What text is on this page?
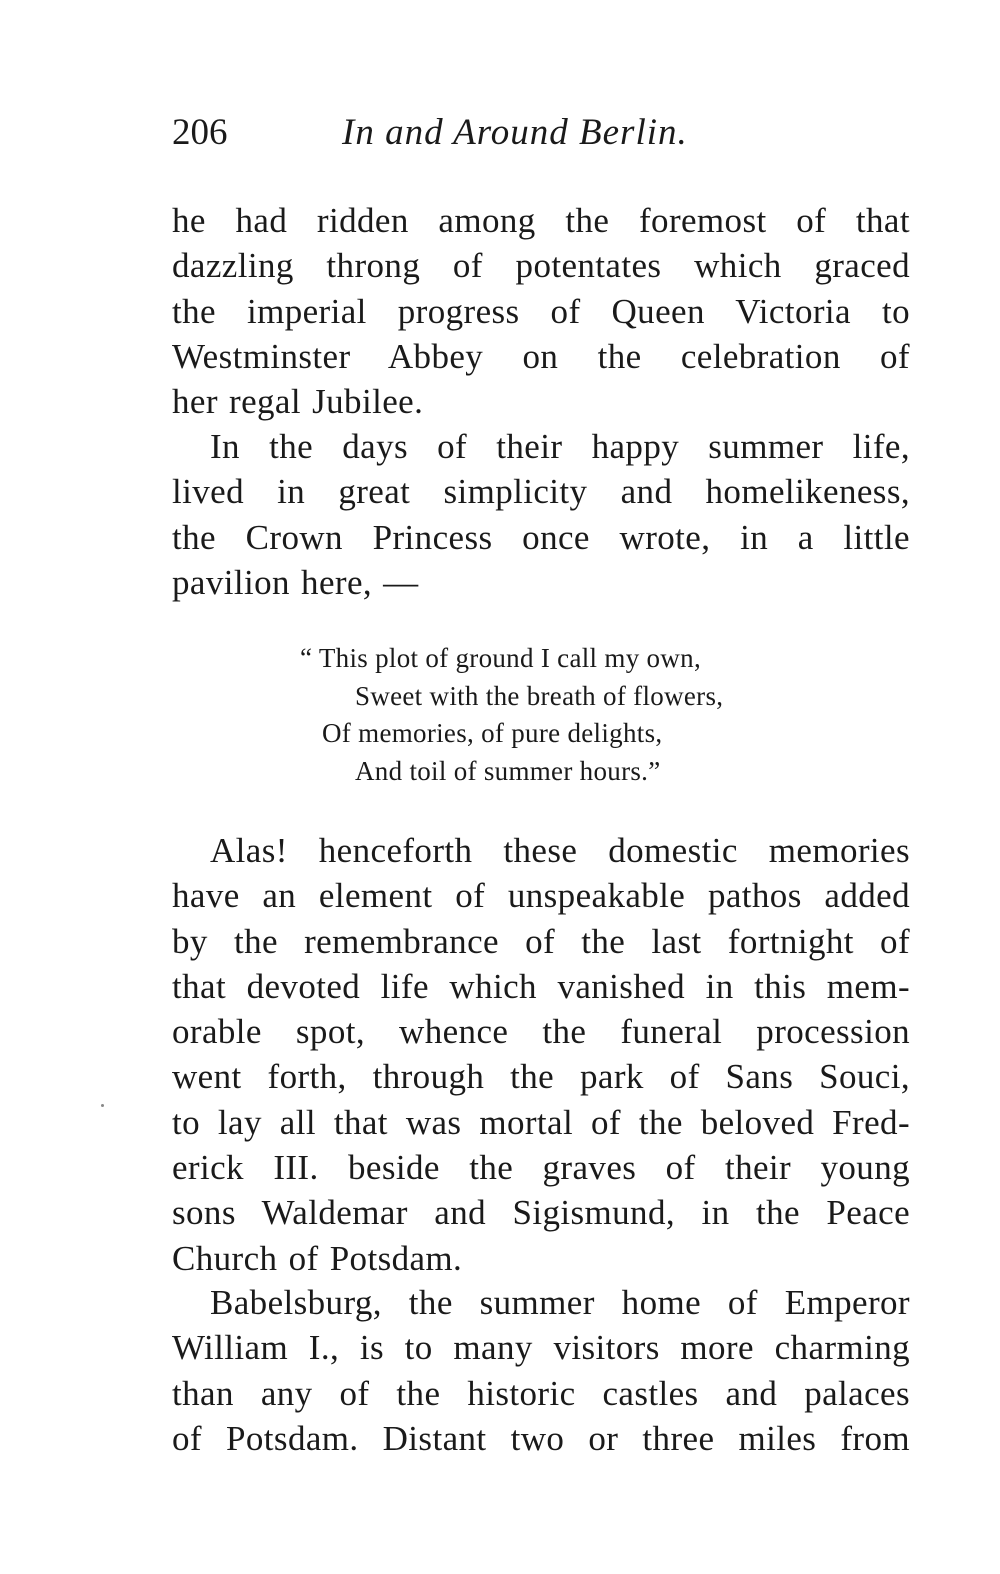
206	In and Around Berlin.
he had ridden among the foremost of that
dazzling throng of potentates which graced
the imperial progress of Queen Victoria to
Westminster Abbey on the celebration of
her regal Jubilee.
In the days of their happy summer life,
lived in great simplicity and homelikeness,
the Crown Princess once wrote, in a little
pavilion here, —
“ This plot of ground I call my own,
Sweet with the breath of flowers,
Of memories, of pure delights,
And toil of summer hours.”
Alas! henceforth these domestic memories
have an element of unspeakable pathos added
by the remembrance of the last fortnight of
that devoted life which vanished in this mem-
orable spot, whence the funeral procession
went forth, through the park of Sans Souci,
to lay all that was mortal of the beloved Fred-
erick III. beside the graves of their young
sons Waldemar and Sigismund, in the Peace
Church of Potsdam.
Babelsburg, the summer home of Emperor
William I., is to many visitors more charming
than any of the historic castles and palaces
of Potsdam. Distant two or three miles from
